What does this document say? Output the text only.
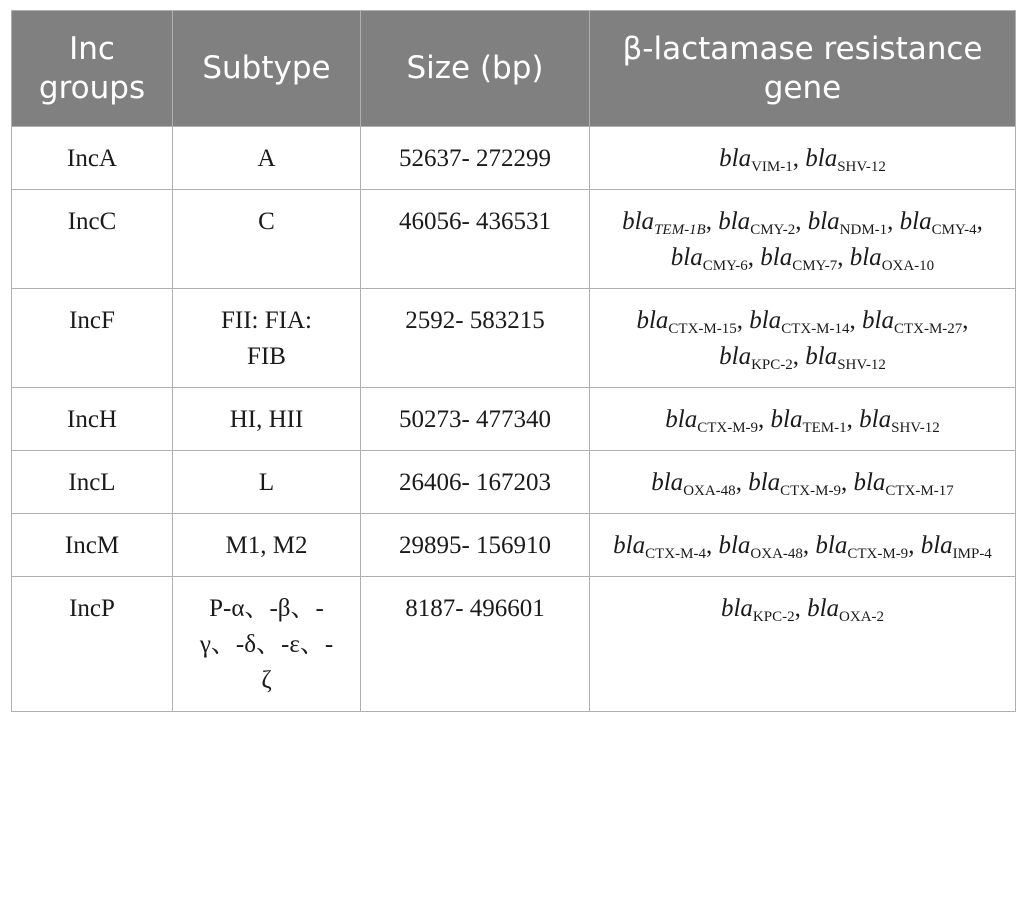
Inc groups	Subtype	Size (bp)	β-lactamase resistance gene
IncA	A	52637- 272299	bla$_{VIM-1}$, bla$_{SHV-12}$
IncC	C	46056- 436531	bla$_{TEM-1B}$, bla$_{CMY-2}$, bla$_{NDM-1}$, bla$_{CMY-4}$, bla$_{CMY-6}$, bla$_{CMY-7}$, bla$_{OXA-10}$
IncF	FII: FIA: FIB	2592- 583215	bla$_{CTX-M-15}$, bla$_{CTX-M-14}$, bla$_{CTX-M-27}$, bla$_{KPC-2}$, bla$_{SHV-12}$
IncH	HI, HII	50273- 477340	bla$_{CTX-M-9}$, bla$_{TEM-1}$, bla$_{SHV-12}$
IncL	L	26406- 167203	bla$_{OXA-48}$, bla$_{CTX-M-9}$, bla$_{CTX-M-17}$
IncM	M1, M2	29895- 156910	bla$_{CTX-M-4}$, bla$_{OXA-48}$, bla$_{CTX-M-9}$, bla$_{IMP-4}$
IncP	P-α、-β、-γ、-δ、-ε、-ζ	8187- 496601	bla$_{KPC-2}$, bla$_{OXA-2}$
